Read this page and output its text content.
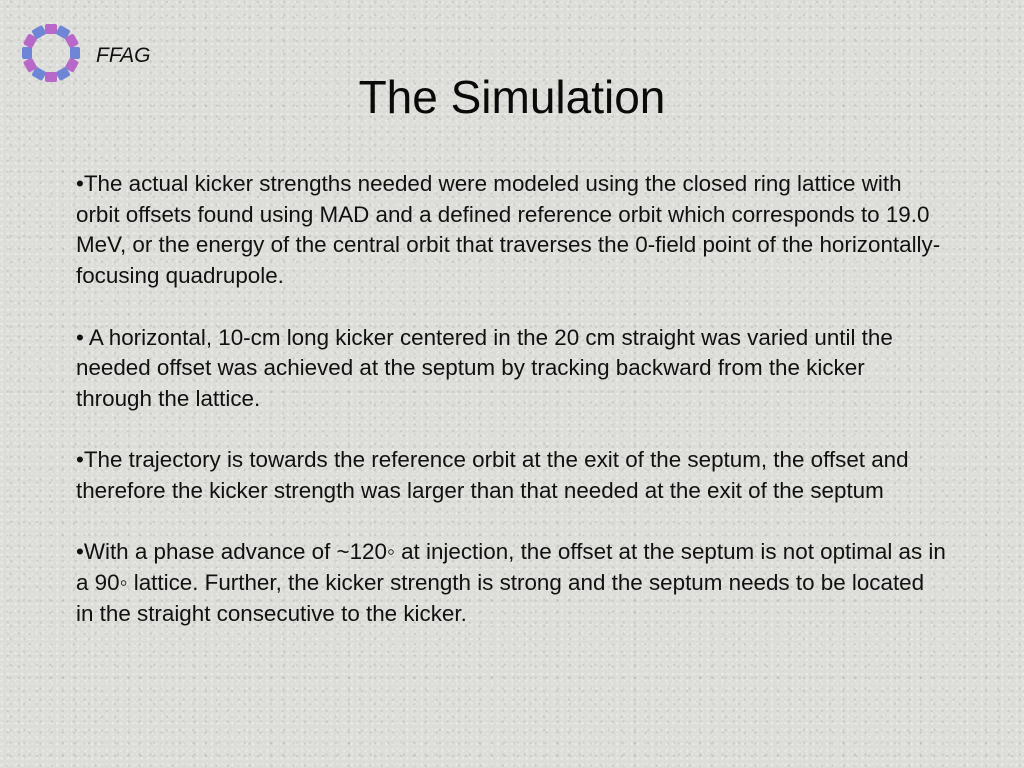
FFAG
The Simulation

•The actual kicker strengths needed were modeled using the closed ring lattice with orbit offsets found using MAD and a defined reference orbit which corresponds to 19.0 MeV, or the energy of the central orbit that traverses the 0-field point of the horizontally-focusing quadrupole.

• A horizontal, 10-cm long kicker centered in the 20 cm straight was varied until the needed offset was achieved at the septum by tracking backward from the kicker through the lattice.

•The trajectory is towards the reference orbit at the exit of the septum, the offset and therefore the kicker strength was larger than that needed at the exit of the septum

•With a phase advance of ~120◦ at injection, the offset at the septum is not optimal as in a 90◦ lattice. Further, the kicker strength is strong and the septum needs to be located in the straight consecutive to the kicker.
